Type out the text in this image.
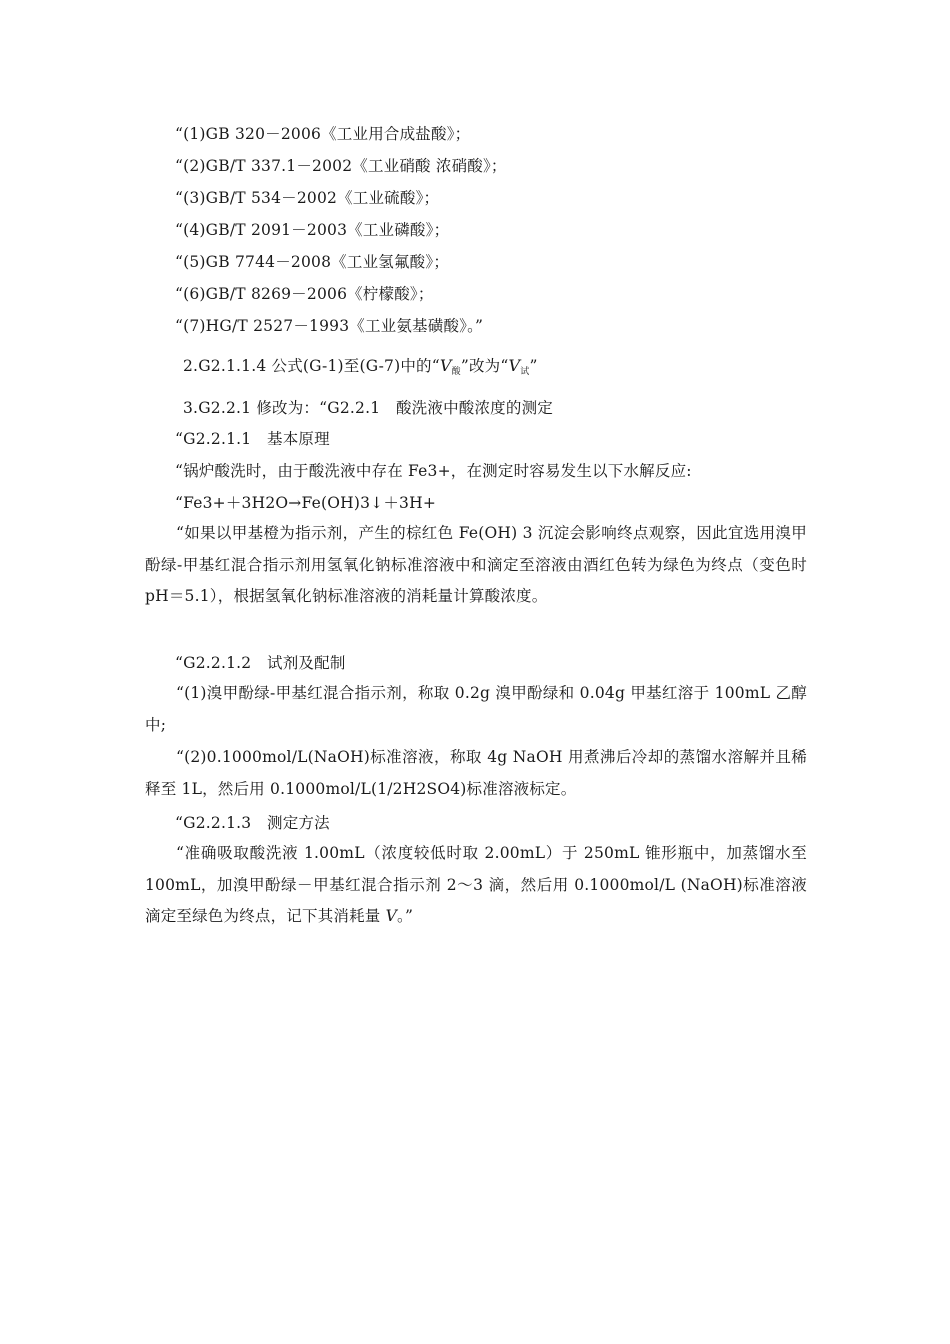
“(1)GB 320－2006《工业用合成盐酸》；
“(2)GB/T 337.1－2002《工业硝酸 浓硝酸》；
“(3)GB/T 534－2002《工业硫酸》；
“(4)GB/T 2091－2003《工业磷酸》；
“(5)GB 7744－2008《工业氢氟酸》；
“(6)GB/T 8269－2006《柠檬酸》；
“(7)HG/T 2527－1993《工业氨基磺酸》。”
2.G2.1.1.4 公式(G-1)至(G-7)中的“V酸”改为“V试”
3.G2.2.1 修改为：“G2.2.1　酸洗液中酸浓度的测定
“G2.2.1.1　基本原理
“锅炉酸洗时，由于酸洗液中存在 Fe3+，在测定时容易发生以下水解反应:
“Fe3+＋3H2O→Fe(OH)3↓＋3H+
“如果以甲基橙为指示剂，产生的棕红色 Fe(OH) 3 沉淀会影响终点观察，因此宜选用溴甲酚绿-甲基红混合指示剂用氢氧化钠标准溶液中和滴定至溶液由酒红色转为绿色为终点（变色时 pH＝5.1），根据氢氧化钠标准溶液的消耗量计算酸浓度。
“G2.2.1.2　试剂及配制
“(1)溴甲酚绿-甲基红混合指示剂，称取 0.2g 溴甲酚绿和 0.04g 甲基红溶于 100mL 乙醇中;
“(2)0.1000mol/L(NaOH)标准溶液，称取 4g NaOH 用煮沸后冷却的蒸馏水溶解并且稀释至 1L，然后用 0.1000mol/L(1/2H2SO4)标准溶液标定。
“G2.2.1.3　测定方法
“准确吸取酸洗液 1.00mL（浓度较低时取 2.00mL）于 250mL 锥形瓶中，加蒸馏水至 100mL，加溴甲酚绿－甲基红混合指示剂 2～3 滴，然后用 0.1000mol/L (NaOH)标准溶液滴定至绿色为终点，记下其消耗量 V。”
